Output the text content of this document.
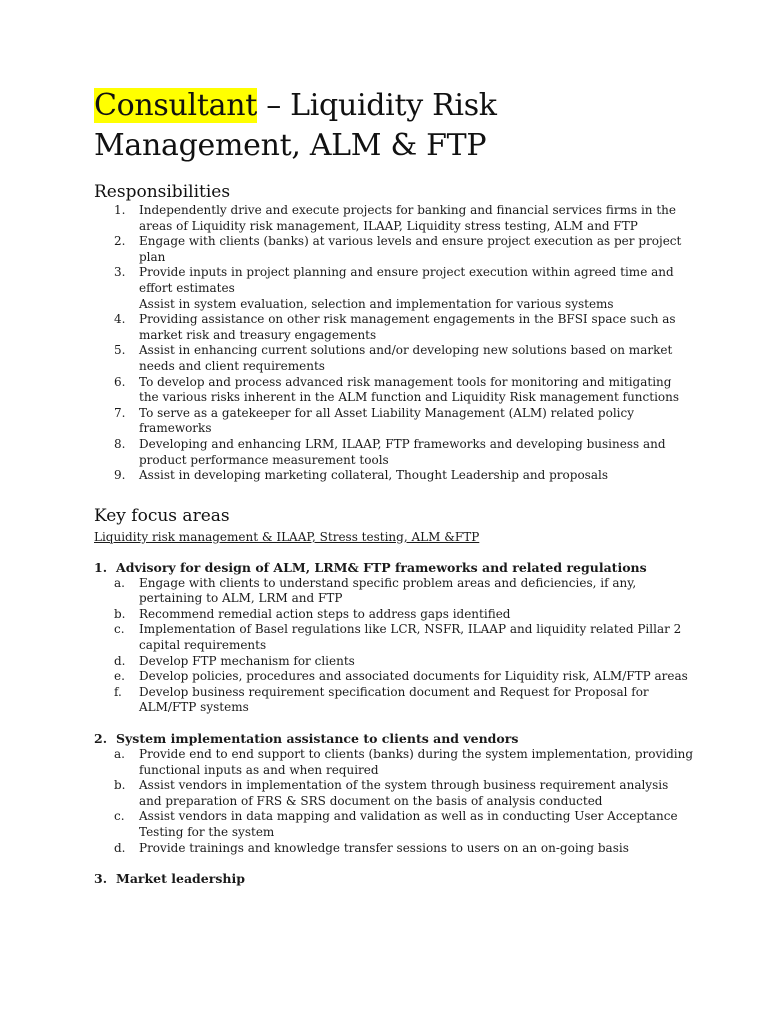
Consultant – Liquidity Risk
Management, ALM & FTP
Responsibilities
1. Independently drive and execute projects for banking and financial services firms in the areas of Liquidity risk management, ILAAP, Liquidity stress testing, ALM and FTP
2. Engage with clients (banks) at various levels and ensure project execution as per project plan
3. Provide inputs in project planning and ensure project execution within agreed time and effort estimates
Assist in system evaluation, selection and implementation for various systems
4. Providing assistance on other risk management engagements in the BFSI space such as market risk and treasury engagements
5. Assist in enhancing current solutions and/or developing new solutions based on market needs and client requirements
6. To develop and process advanced risk management tools for monitoring and mitigating the various risks inherent in the ALM function and Liquidity Risk management functions
7. To serve as a gatekeeper for all Asset Liability Management (ALM) related policy frameworks
8. Developing and enhancing LRM, ILAAP, FTP frameworks and developing business and product performance measurement tools
9. Assist in developing marketing collateral, Thought Leadership and proposals
Key focus areas

Liquidity risk management & ILAAP, Stress testing, ALM &FTP

1. Advisory for design of ALM, LRM& FTP frameworks and related regulations
a. Engage with clients to understand specific problem areas and deficiencies, if any, pertaining to ALM, LRM and FTP
b. Recommend remedial action steps to address gaps identified
c. Implementation of Basel regulations like LCR, NSFR, ILAAP and liquidity related Pillar 2 capital requirements
d. Develop FTP mechanism for clients
e. Develop policies, procedures and associated documents for Liquidity risk, ALM/FTP areas
f. Develop business requirement specification document and Request for Proposal for ALM/FTP systems
2. System implementation assistance to clients and vendors
a. Provide end to end support to clients (banks) during the system implementation, providing functional inputs as and when required
b. Assist vendors in implementation of the system through business requirement analysis and preparation of FRS & SRS document on the basis of analysis conducted
c. Assist vendors in data mapping and validation as well as in conducting User Acceptance Testing for the system
d. Provide trainings and knowledge transfer sessions to users on an on-going basis
3. Market leadership
